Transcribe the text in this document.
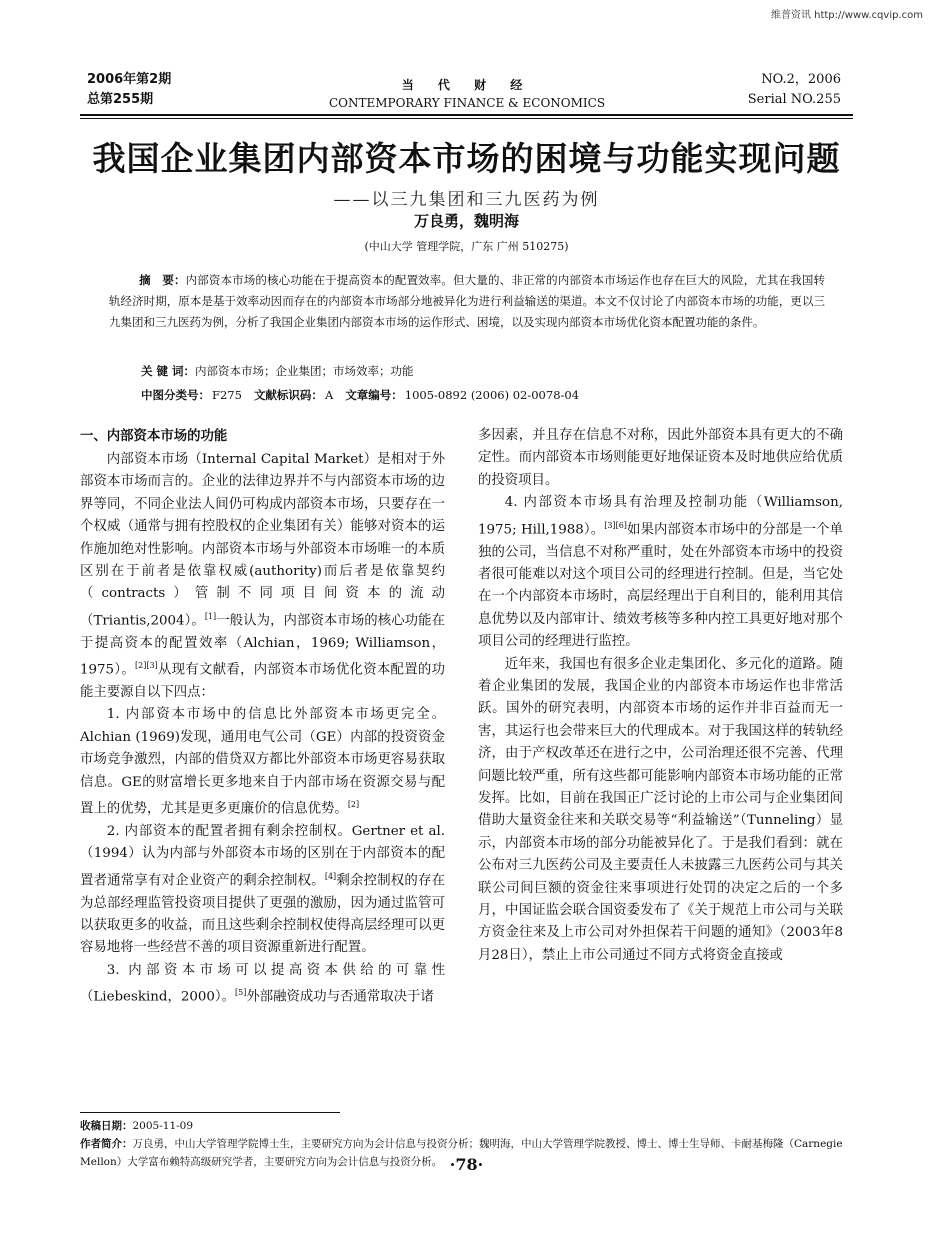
维普资讯 http://www.cqvip.com
2006年第2期
总第255期
当 代 财 经
CONTEMPORARY FINANCE & ECONOMICS
NO.2，2006
Serial NO.255
我国企业集团内部资本市场的困境与功能实现问题
——以三九集团和三九医药为例
万良勇，魏明海
(中山大学 管理学院，广东 广州 510275)
摘　要：内部资本市场的核心功能在于提高资本的配置效率。但大量的、非正常的内部资本市场运作也存在巨大的风险，尤其在我国转轨经济时期，原本是基于效率动因而存在的内部资本市场部分地被异化为进行利益输送的渠道。本文不仅讨论了内部资本市场的功能，更以三九集团和三九医药为例，分析了我国企业集团内部资本市场的运作形式、困境，以及实现内部资本市场优化资本配置功能的条件。
关 键 词：内部资本市场；企业集团；市场效率；功能
中图分类号： F275 文献标识码： A 文章编号： 1005-0892 (2006) 02-0078-04
一、内部资本市场的功能

内部资本市场（Internal Capital Market）是相对于外部资本市场而言的。企业的法律边界并不与内部资本市场的边界等同，不同企业法人间仍可构成内部资本市场，只要存在一个权威（通常与拥有控股权的企业集团有关）能够对资本的运作施加绝对性影响。内部资本市场与外部资本市场唯一的本质区别在于前者是依靠权威(authority)而后者是依靠契约（contracts）管制不同项目间资本的流动（Triantis,2004）。[1]一般认为，内部资本市场的核心功能在于提高资本的配置效率（Alchian，1969; Williamson，1975）。[2][3]从现有文献看，内部资本市场优化资本配置的功能主要源自以下四点：

1. 内部资本市场中的信息比外部资本市场更完全。Alchian (1969)发现，通用电气公司（GE）内部的投资资金市场竞争激烈，内部的借贷双方都比外部资本市场更容易获取信息。GE的财富增长更多地来自于内部市场在资源交易与配置上的优势，尤其是更多更廉价的信息优势。[2]

2. 内部资本的配置者拥有剩余控制权。Gertner et al.（1994）认为内部与外部资本市场的区别在于内部资本的配置者通常享有对企业资产的剩余控制权。[4]剩余控制权的存在为总部经理监管投资项目提供了更强的激励，因为通过监管可以获取更多的收益，而且这些剩余控制权使得高层经理可以更容易地将一些经营不善的项目资源重新进行配置。

3. 内部资本市场可以提高资本供给的可靠性（Liebeskind，2000）。[5]外部融资成功与否通常取决于诸

多因素，并且存在信息不对称，因此外部资本具有更大的不确定性。而内部资本市场则能更好地保证资本及时地供应给优质的投资项目。

4. 内部资本市场具有治理及控制功能（Williamson, 1975; Hill,1988）。[3][6]如果内部资本市场中的分部是一个单独的公司，当信息不对称严重时，处在外部资本市场中的投资者很可能难以对这个项目公司的经理进行控制。但是，当它处在一个内部资本市场时，高层经理出于自利目的，能利用其信息优势以及内部审计、绩效考核等多种内控工具更好地对那个项目公司的经理进行监控。

近年来，我国也有很多企业走集团化、多元化的道路。随着企业集团的发展，我国企业的内部资本市场运作也非常活跃。国外的研究表明，内部资本市场的运作并非百益而无一害，其运行也会带来巨大的代理成本。对于我国这样的转轨经济，由于产权改革还在进行之中，公司治理还很不完善、代理问题比较严重，所有这些都可能影响内部资本市场功能的正常发挥。比如，目前在我国正广泛讨论的上市公司与企业集团间借助大量资金往来和关联交易等“利益输送”（Tunneling）显示，内部资本市场的部分功能被异化了。于是我们看到：就在公布对三九医药公司及主要责任人未披露三九医药公司与其关联公司间巨额的资金往来事项进行处罚的决定之后的一个多月，中国证监会联合国资委发布了《关于规范上市公司与关联方资金往来及上市公司对外担保若干问题的通知》（2003年8月28日），禁止上市公司通过不同方式将资金直接或

收稿日期：2005-11-09
作者简介：万良勇，中山大学管理学院博士生，主要研究方向为会计信息与投资分析；魏明海，中山大学管理学院教授、博士、博士生导师、卡耐基梅隆（Carnegie Mellon）大学富布赖特高级研究学者，主要研究方向为会计信息与投资分析。 ·78·
